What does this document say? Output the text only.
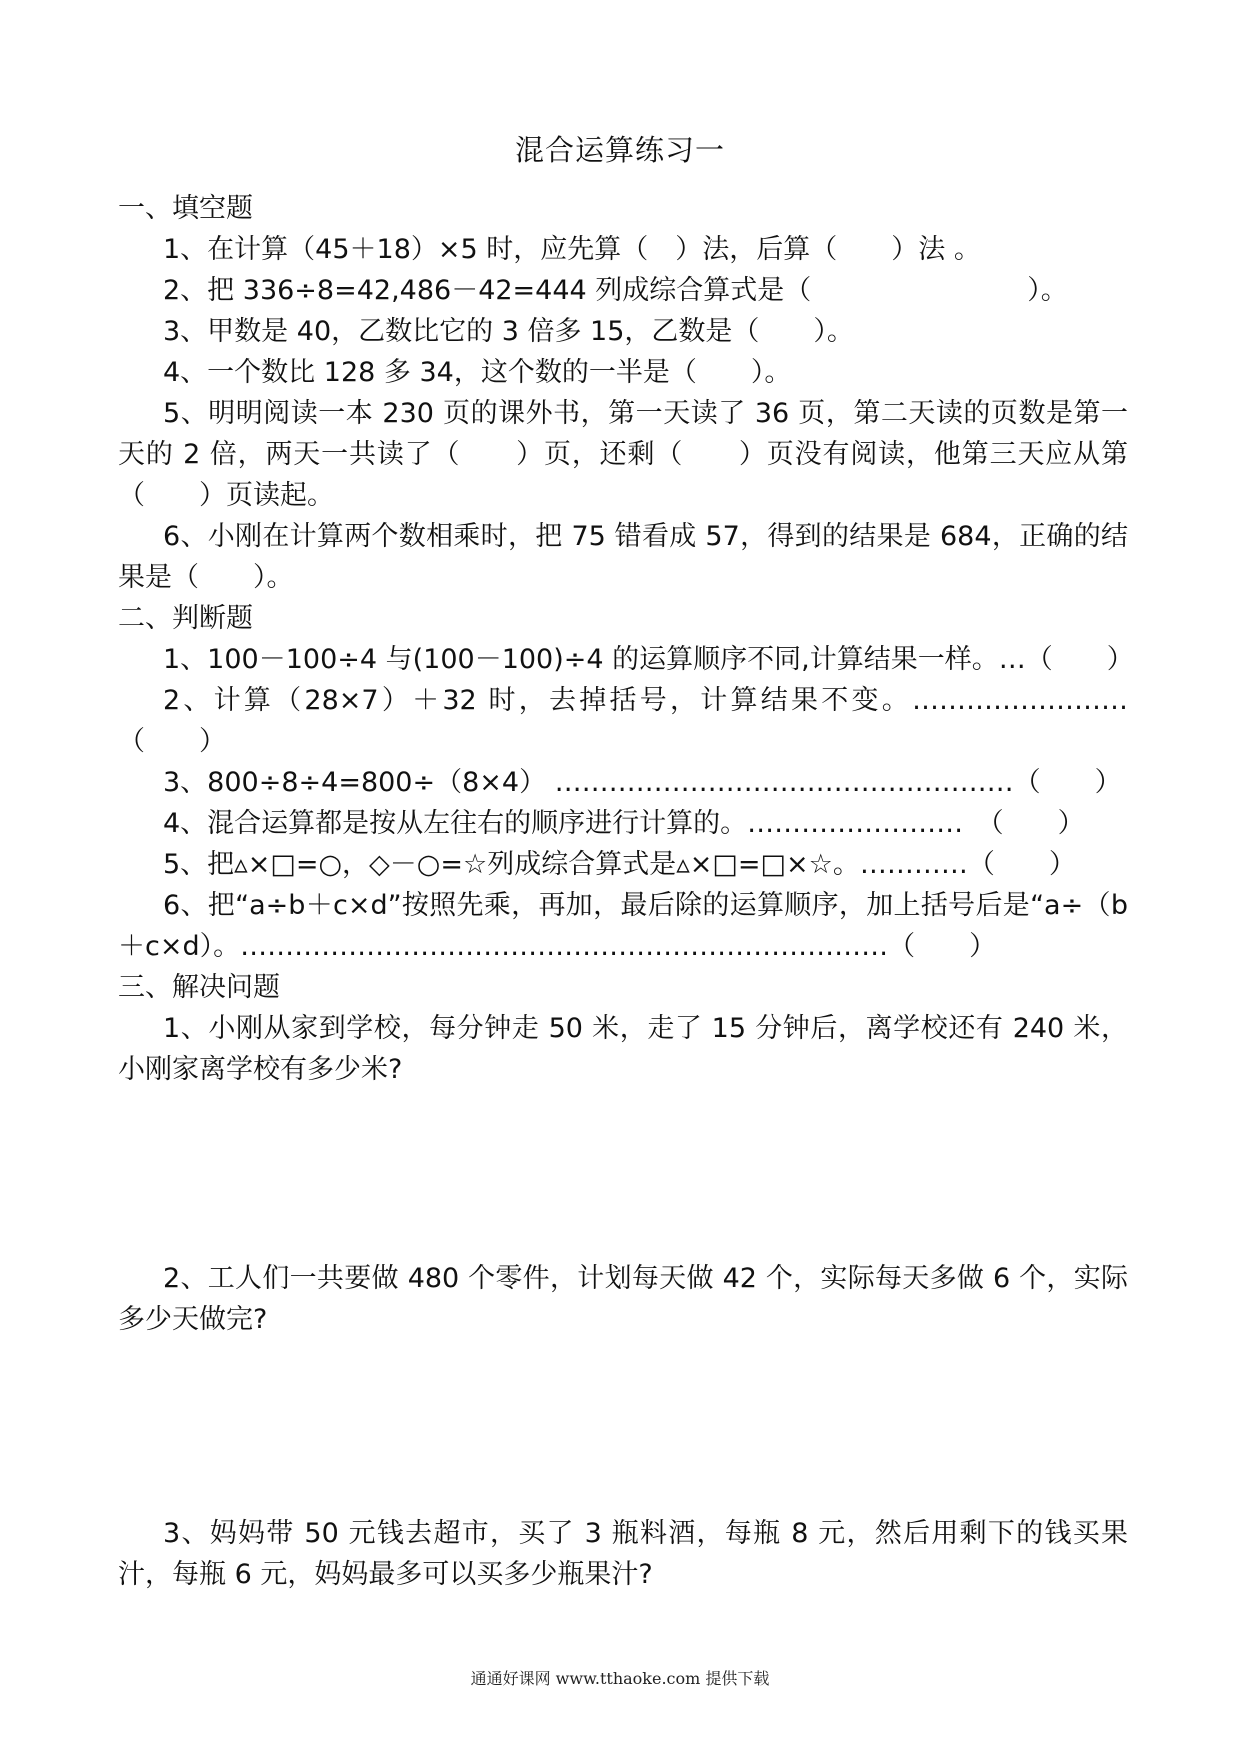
混合运算练习一
一、填空题

1、在计算（45＋18）×5 时，应先算（　）法，后算（　　）法 。

2、把 336÷8=42,486－42=444 列成综合算式是（　　　　　　　　）。

3、甲数是 40，乙数比它的 3 倍多 15，乙数是（　　）。

4、一个数比 128 多 34，这个数的一半是（　　）。

5、明明阅读一本 230 页的课外书，第一天读了 36 页，第二天读的页数是第一天的 2 倍，两天一共读了（　　）页，还剩（　　）页没有阅读，他第三天应从第（　　）页读起。

6、小刚在计算两个数相乘时，把 75 错看成 57，得到的结果是 684，正确的结果是（　　）。

二、判断题

1、100－100÷4 与(100－100)÷4 的运算顺序不同,计算结果一样。…（　　）

2、计算（28×7）＋32 时，去掉括号，计算结果不变。……………………（　　）

3、800÷8÷4=800÷（8×4） ……………………………………………（　　）

4、混合运算都是按从左往右的顺序进行计算的。……………………　（　　）

5、把▵×□=○，◇－○=☆列成综合算式是▵×□=□×☆。…………（　　）

6、把“a÷b＋c×d”按照先乘，再加，最后除的运算顺序，加上括号后是“a÷（b＋c×d）。………………………………………………………………（　　）

三、解决问题

1、小刚从家到学校，每分钟走 50 米，走了 15 分钟后，离学校还有 240 米，小刚家离学校有多少米?

2、工人们一共要做 480 个零件，计划每天做 42 个，实际每天多做 6 个，实际多少天做完?

3、妈妈带 50 元钱去超市，买了 3 瓶料酒，每瓶 8 元，然后用剩下的钱买果汁，每瓶 6 元，妈妈最多可以买多少瓶果汁?

通通好课网 www.tthaoke.com 提供下载
